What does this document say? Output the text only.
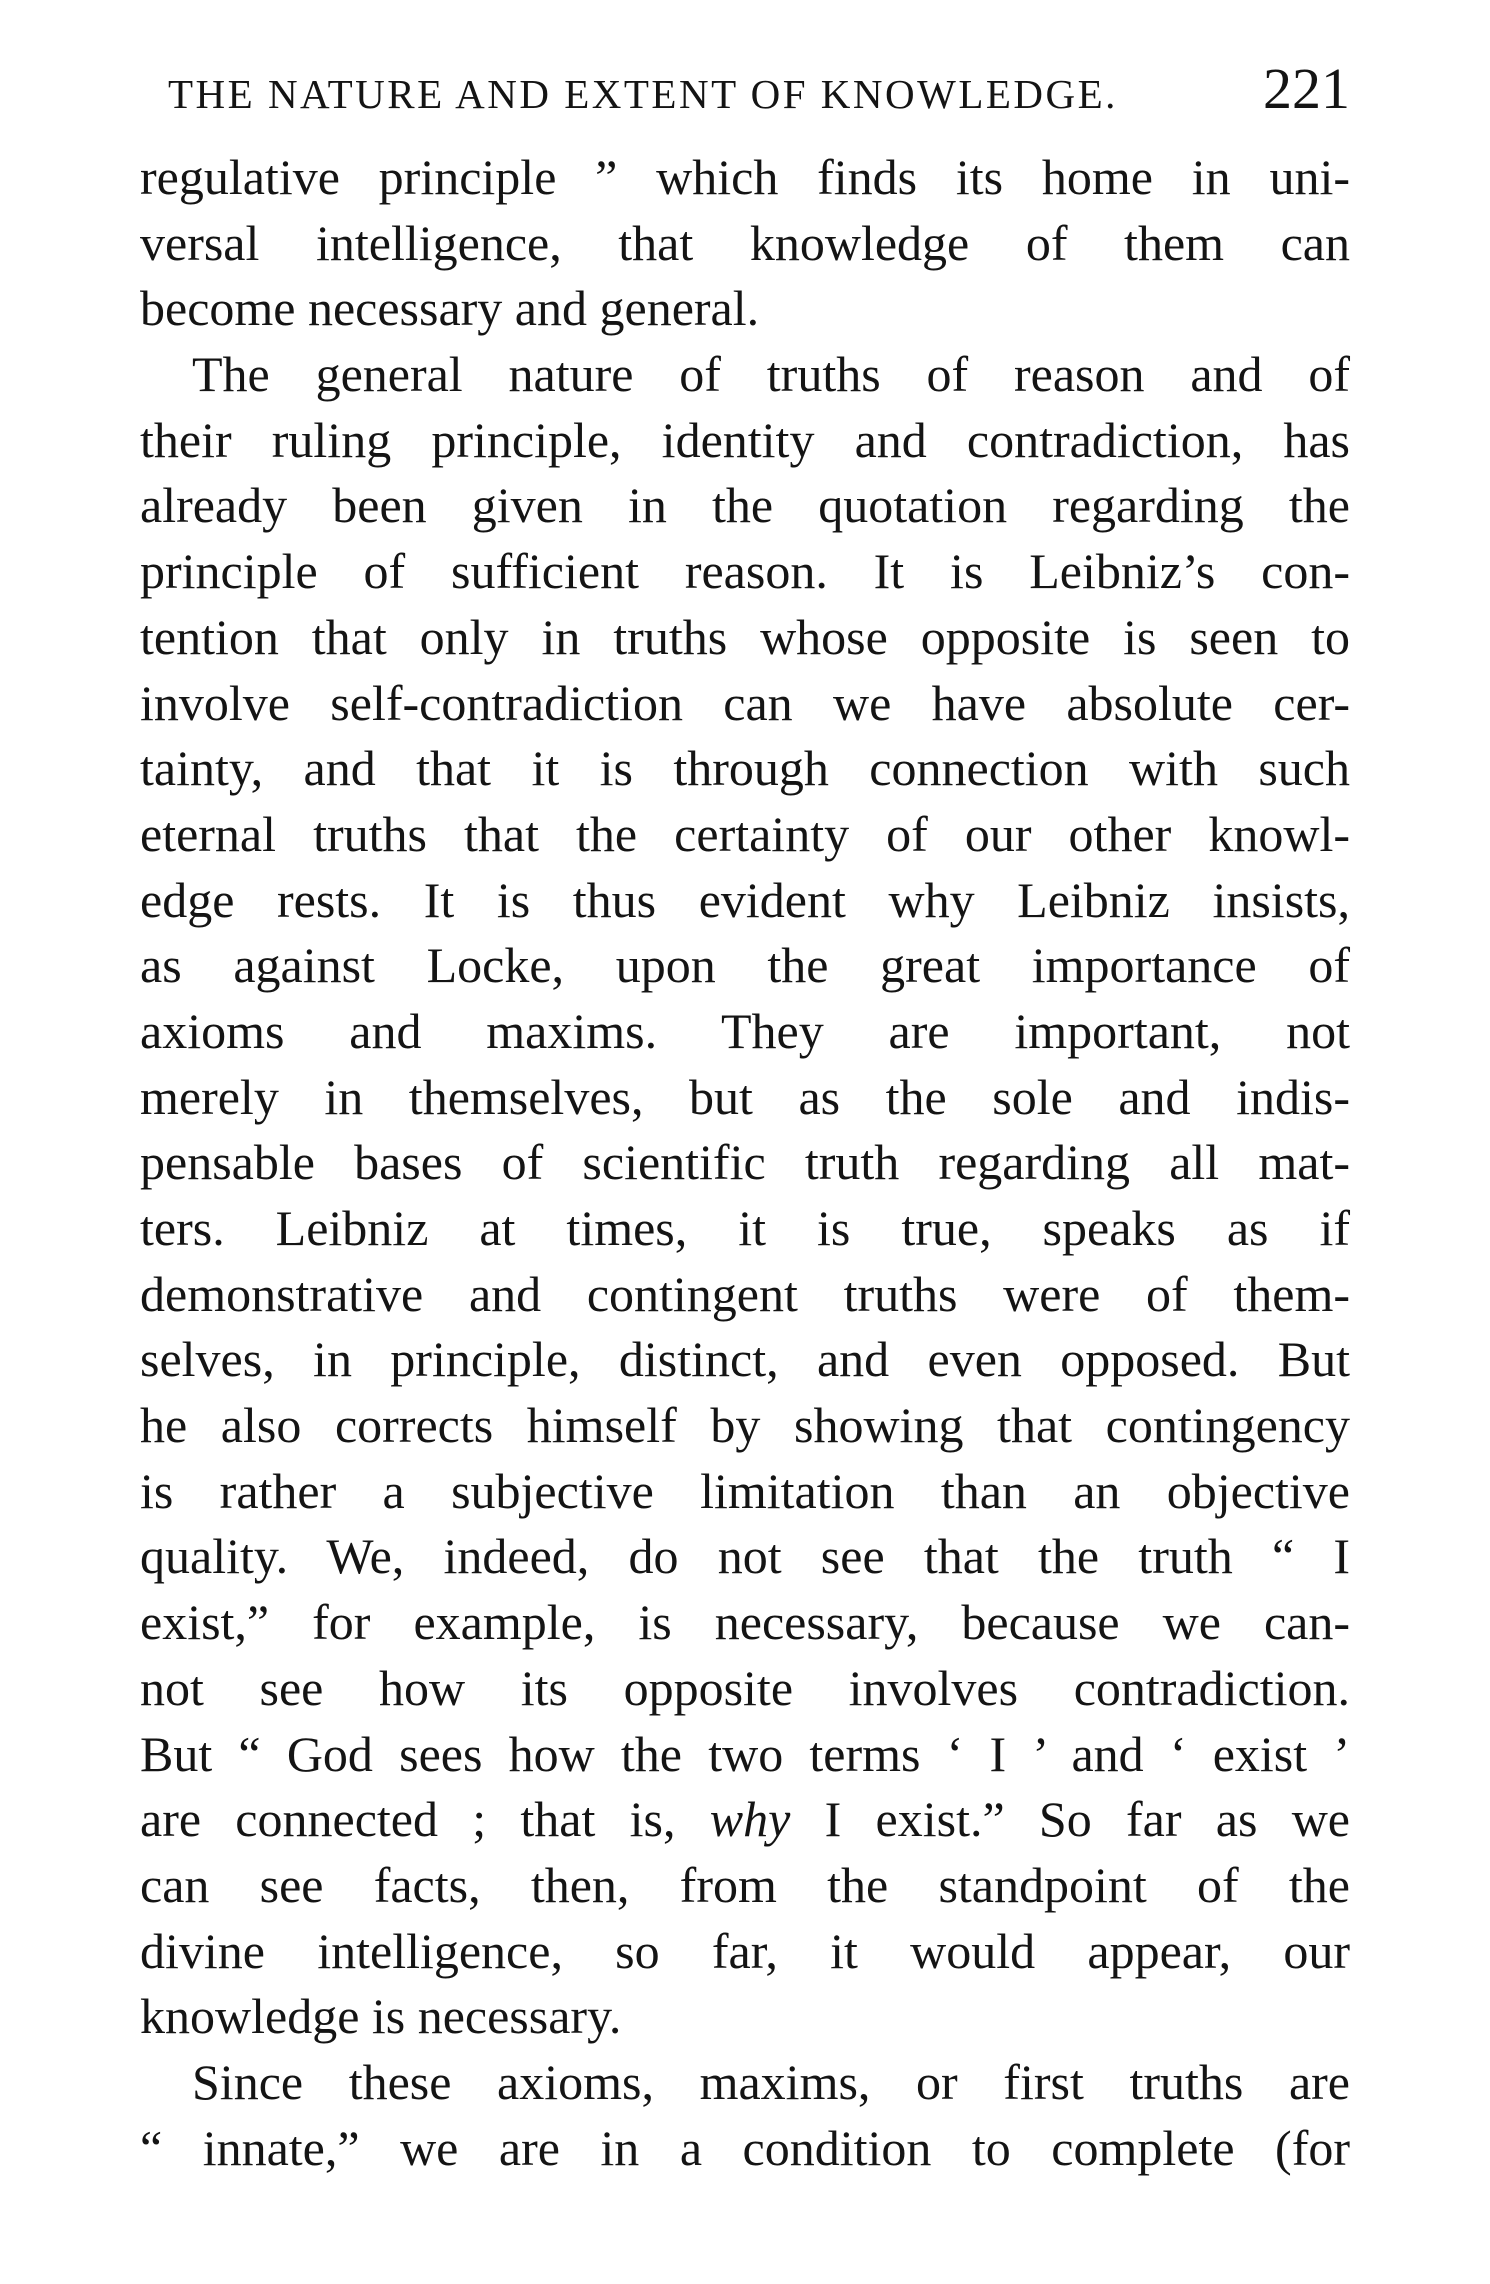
THE NATURE AND EXTENT OF KNOWLEDGE.	221
regulative principle ” which finds its home in uni-
versal intelligence, that knowledge of them can
become necessary and general.
The general nature of truths of reason and of
their ruling principle, identity and contradiction, has
already been given in the quotation regarding the
principle of sufficient reason. It is Leibniz’s con-
tention that only in truths whose opposite is seen to
involve self-contradiction can we have absolute cer-
tainty, and that it is through connection with such
eternal truths that the certainty of our other knowl-
edge rests. It is thus evident why Leibniz insists,
as against Locke, upon the great importance of
axioms and maxims. They are important, not
merely in themselves, but as the sole and indis-
pensable bases of scientific truth regarding all mat-
ters. Leibniz at times, it is true, speaks as if
demonstrative and contingent truths were of them-
selves, in principle, distinct, and even opposed. But
he also corrects himself by showing that contingency
is rather a subjective limitation than an objective
quality. We, indeed, do not see that the truth “ I
exist,” for example, is necessary, because we can-
not see how its opposite involves contradiction.
But “ God sees how the two terms ‘ I ’ and ‘ exist ’
are connected ; that is, why I exist.” So far as we
can see facts, then, from the standpoint of the
divine intelligence, so far, it would appear, our
knowledge is necessary.
Since these axioms, maxims, or first truths are
“ innate,” we are in a condition to complete (for
